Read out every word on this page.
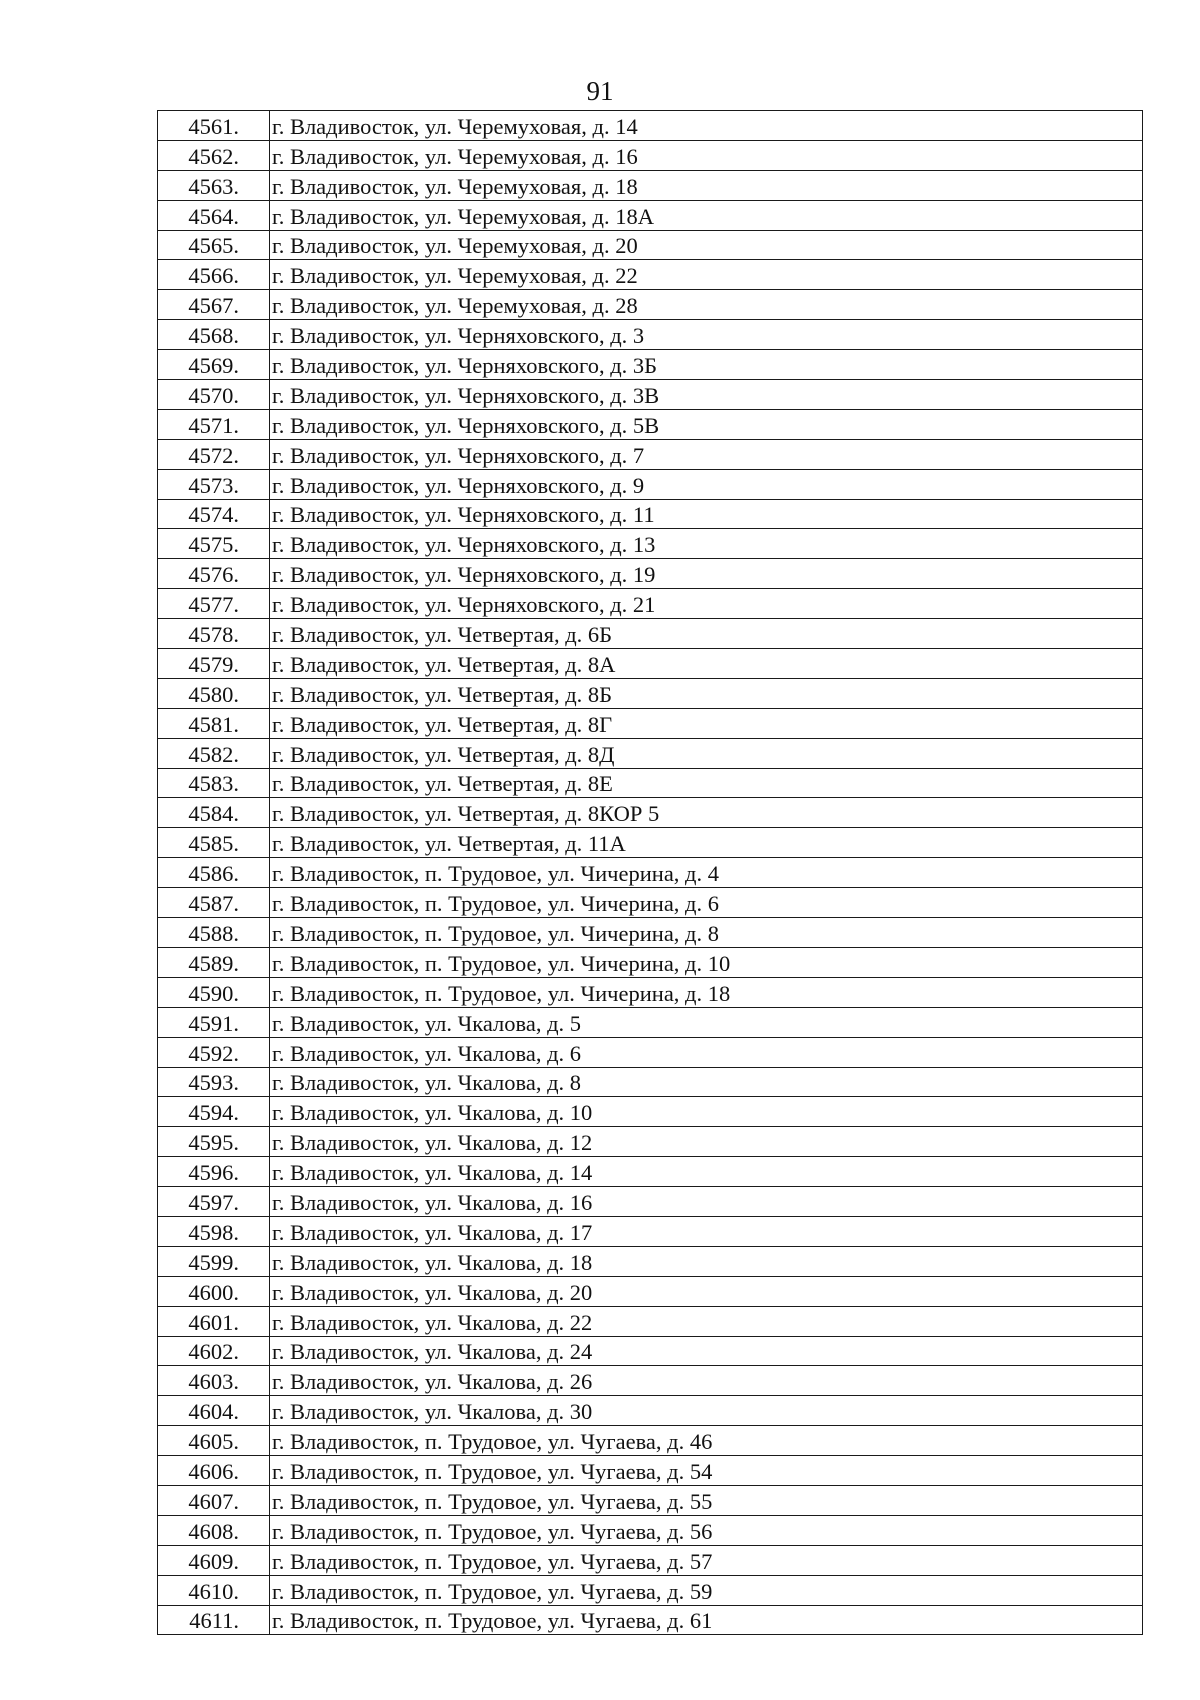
91
4561.	г. Владивосток, ул. Черемуховая, д. 14
4562.	г. Владивосток, ул. Черемуховая, д. 16
4563.	г. Владивосток, ул. Черемуховая, д. 18
4564.	г. Владивосток, ул. Черемуховая, д. 18А
4565.	г. Владивосток, ул. Черемуховая, д. 20
4566.	г. Владивосток, ул. Черемуховая, д. 22
4567.	г. Владивосток, ул. Черемуховая, д. 28
4568.	г. Владивосток, ул. Черняховского, д. 3
4569.	г. Владивосток, ул. Черняховского, д. 3Б
4570.	г. Владивосток, ул. Черняховского, д. 3В
4571.	г. Владивосток, ул. Черняховского, д. 5В
4572.	г. Владивосток, ул. Черняховского, д. 7
4573.	г. Владивосток, ул. Черняховского, д. 9
4574.	г. Владивосток, ул. Черняховского, д. 11
4575.	г. Владивосток, ул. Черняховского, д. 13
4576.	г. Владивосток, ул. Черняховского, д. 19
4577.	г. Владивосток, ул. Черняховского, д. 21
4578.	г. Владивосток, ул. Четвертая, д. 6Б
4579.	г. Владивосток, ул. Четвертая, д. 8А
4580.	г. Владивосток, ул. Четвертая, д. 8Б
4581.	г. Владивосток, ул. Четвертая, д. 8Г
4582.	г. Владивосток, ул. Четвертая, д. 8Д
4583.	г. Владивосток, ул. Четвертая, д. 8Е
4584.	г. Владивосток, ул. Четвертая, д. 8КОР 5
4585.	г. Владивосток, ул. Четвертая, д. 11А
4586.	г. Владивосток, п. Трудовое, ул. Чичерина, д. 4
4587.	г. Владивосток, п. Трудовое, ул. Чичерина, д. 6
4588.	г. Владивосток, п. Трудовое, ул. Чичерина, д. 8
4589.	г. Владивосток, п. Трудовое, ул. Чичерина, д. 10
4590.	г. Владивосток, п. Трудовое, ул. Чичерина, д. 18
4591.	г. Владивосток, ул. Чкалова, д. 5
4592.	г. Владивосток, ул. Чкалова, д. 6
4593.	г. Владивосток, ул. Чкалова, д. 8
4594.	г. Владивосток, ул. Чкалова, д. 10
4595.	г. Владивосток, ул. Чкалова, д. 12
4596.	г. Владивосток, ул. Чкалова, д. 14
4597.	г. Владивосток, ул. Чкалова, д. 16
4598.	г. Владивосток, ул. Чкалова, д. 17
4599.	г. Владивосток, ул. Чкалова, д. 18
4600.	г. Владивосток, ул. Чкалова, д. 20
4601.	г. Владивосток, ул. Чкалова, д. 22
4602.	г. Владивосток, ул. Чкалова, д. 24
4603.	г. Владивосток, ул. Чкалова, д. 26
4604.	г. Владивосток, ул. Чкалова, д. 30
4605.	г. Владивосток, п. Трудовое, ул. Чугаева, д. 46
4606.	г. Владивосток, п. Трудовое, ул. Чугаева, д. 54
4607.	г. Владивосток, п. Трудовое, ул. Чугаева, д. 55
4608.	г. Владивосток, п. Трудовое, ул. Чугаева, д. 56
4609.	г. Владивосток, п. Трудовое, ул. Чугаева, д. 57
4610.	г. Владивосток, п. Трудовое, ул. Чугаева, д. 59
4611.	г. Владивосток, п. Трудовое, ул. Чугаева, д. 61
